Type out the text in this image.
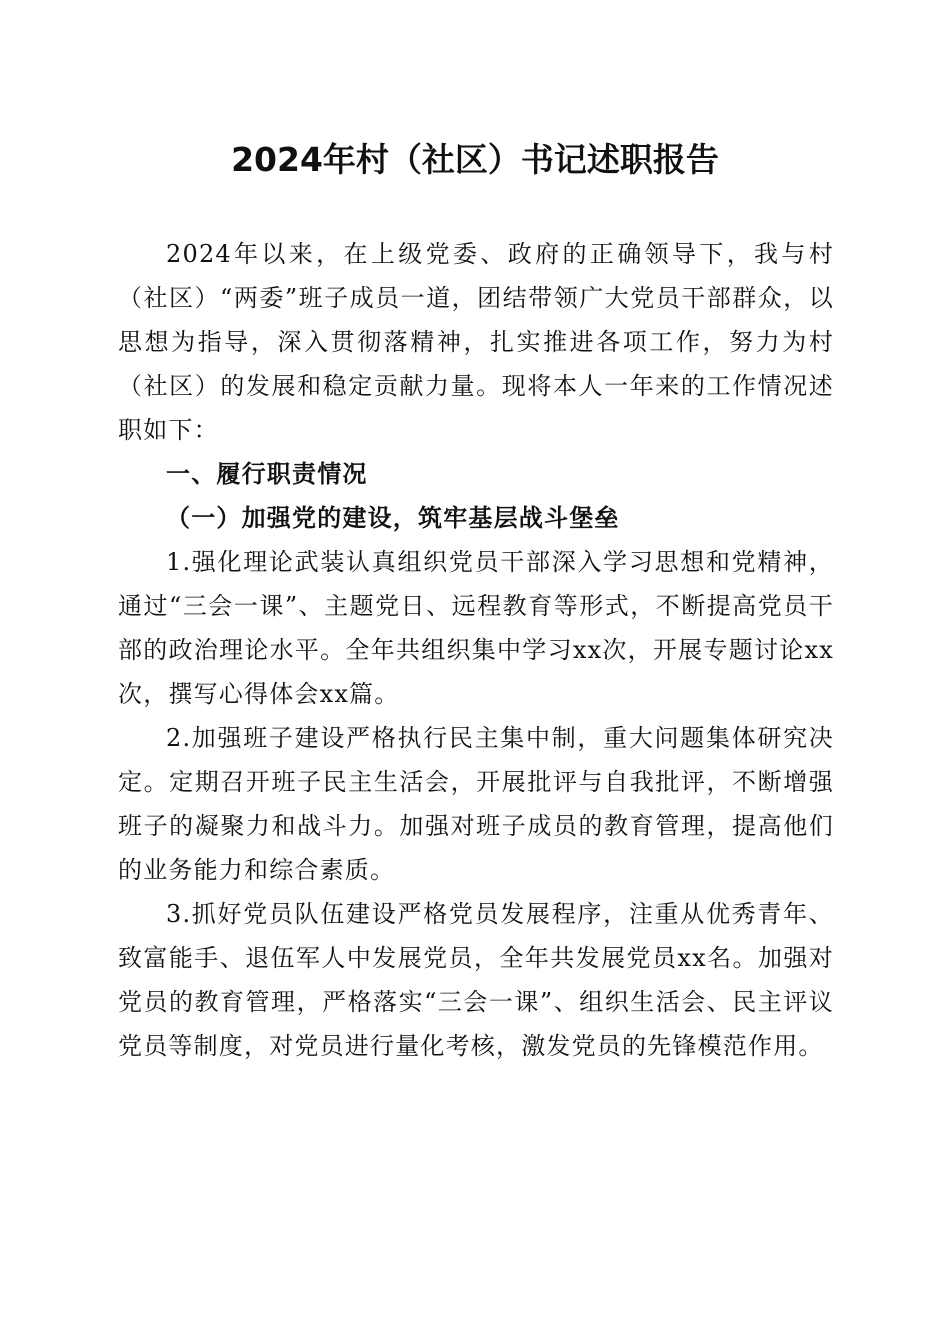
2024年村（社区）书记述职报告

2024年以来，在上级党委、政府的正确领导下，我与村（社区）“两委”班子成员一道，团结带领广大党员干部群众，以思想为指导，深入贯彻落精神，扎实推进各项工作，努力为村（社区）的发展和稳定贡献力量。现将本人一年来的工作情况述职如下：

一、履行职责情况

（一）加强党的建设，筑牢基层战斗堡垒

1.强化理论武装认真组织党员干部深入学习思想和党精神，通过“三会一课”、主题党日、远程教育等形式，不断提高党员干部的政治理论水平。全年共组织集中学习xx次，开展专题讨论xx次，撰写心得体会xx篇。

2.加强班子建设严格执行民主集中制，重大问题集体研究决定。定期召开班子民主生活会，开展批评与自我批评，不断增强班子的凝聚力和战斗力。加强对班子成员的教育管理，提高他们的业务能力和综合素质。

3.抓好党员队伍建设严格党员发展程序，注重从优秀青年、致富能手、退伍军人中发展党员，全年共发展党员xx名。加强对党员的教育管理，严格落实“三会一课”、组织生活会、民主评议党员等制度，对党员进行量化考核，激发党员的先锋模范作用。
